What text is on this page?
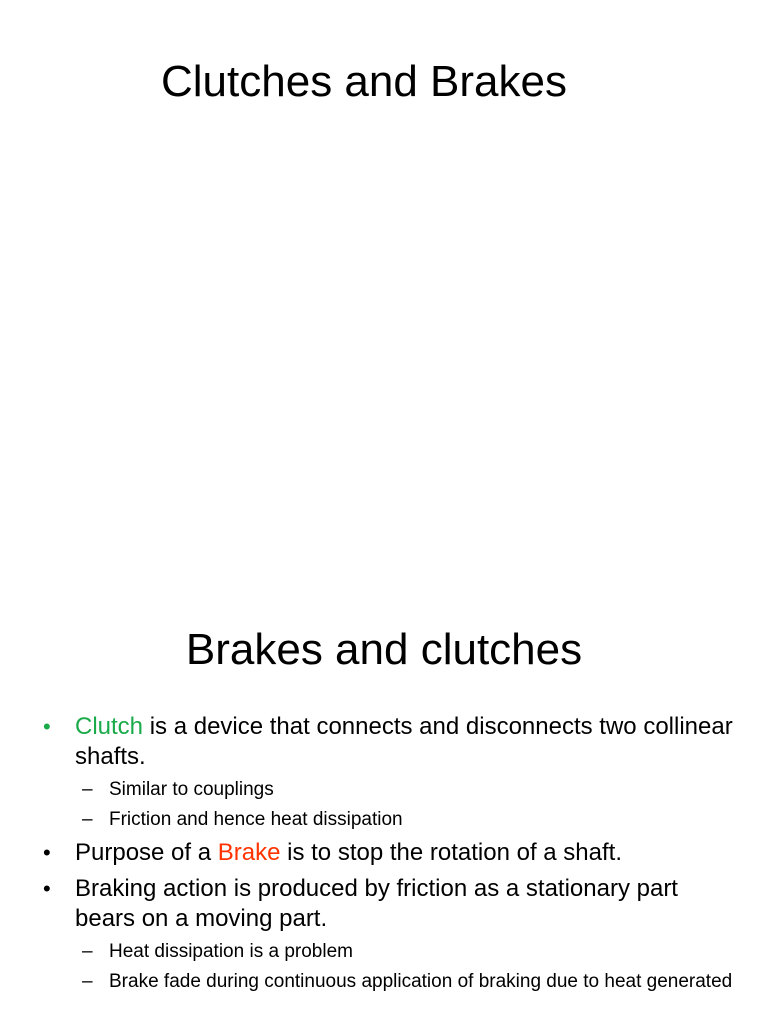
Clutches and Brakes
Brakes and clutches
• Clutch is a device that connects and disconnects two collinear shafts.
– Similar to couplings
– Friction and hence heat dissipation
• Purpose of a Brake is to stop the rotation of a shaft.
• Braking action is produced by friction as a stationary part bears on a moving part.
– Heat dissipation is a problem
– Brake fade during continuous application of braking due to heat generated
